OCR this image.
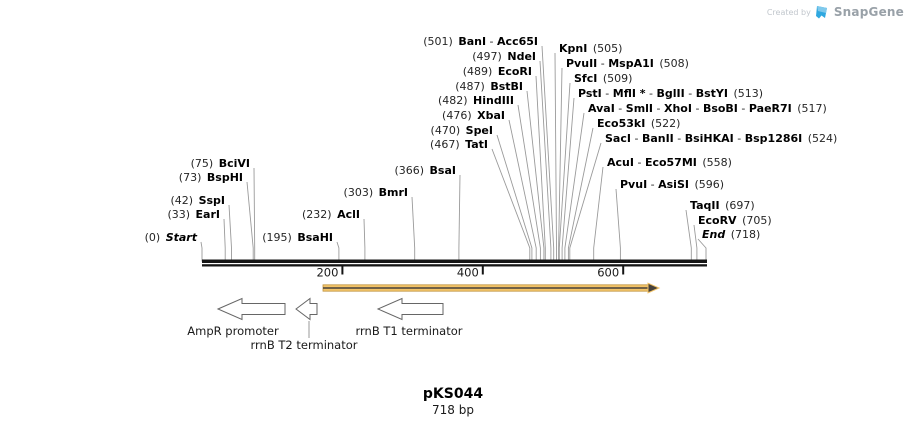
200	400	600
AmpR promoter
rrnB T2 terminator
rrnB T1 terminator
(0)  Start
(33)  EarI
(42)  SspI
(73)  BspHI
(75)  BciVI
(195)  BsaHI
(232)  AclI
(303)  BmrI
(366)  BsaI
(467)  TatI
(470)  SpeI
(476)  XbaI
(482)  HindIII
(487)  BstBI
(489)  EcoRI
(497)  NdeI
(501)  BanI - Acc65I
KpnI  (505)
PvuII - MspA1I  (508)
SfcI  (509)
PstI - MflI * - BglII - BstYI  (513)
AvaI - SmlI - XhoI - BsoBI - PaeR7I  (517)
Eco53kI  (522)
SacI - BanII - BsiHKAI - Bsp1286I  (524)
AcuI - Eco57MI  (558)
PvuI - AsiSI  (596)
TaqII  (697)
EcoRV  (705)
End  (718)
Created by SnapGene
pKS044
718 bp
